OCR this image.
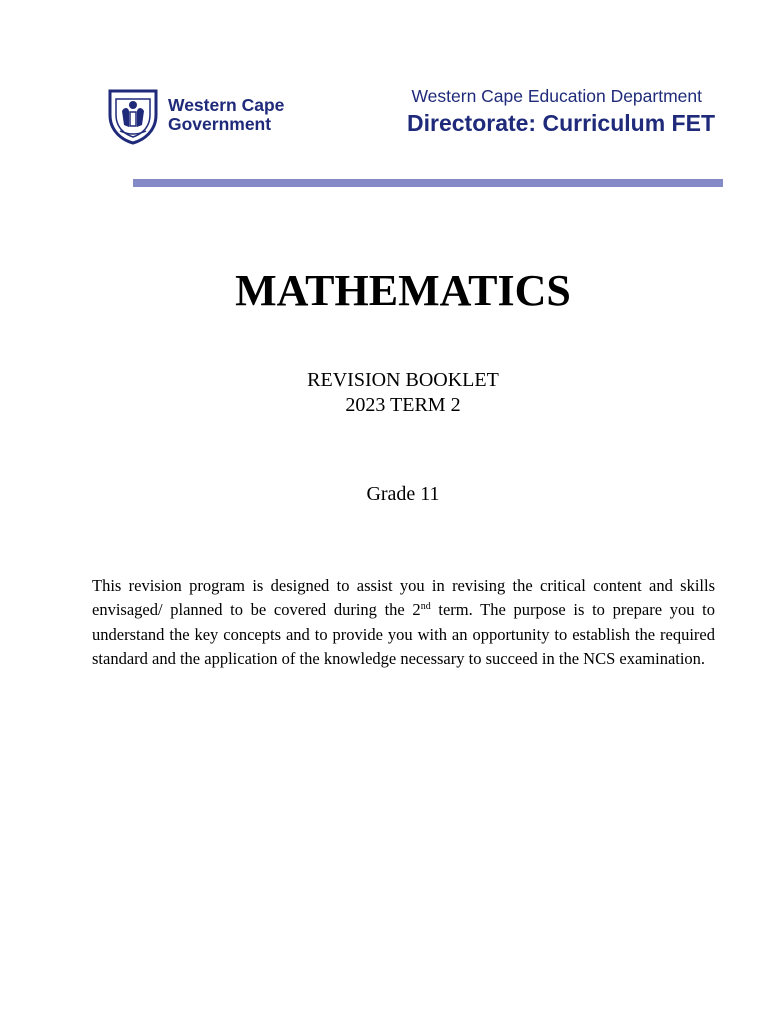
Western Cape
Government
Western Cape Education Department
Directorate: Curriculum FET
MATHEMATICS
REVISION BOOKLET
2023 TERM 2
Grade 11

This revision program is designed to assist you in revising the critical content and skills envisaged/ planned to be covered during the 2nd term. The purpose is to prepare you to understand the key concepts and to provide you with an opportunity to establish the required standard and the application of the knowledge necessary to succeed in the NCS examination.
